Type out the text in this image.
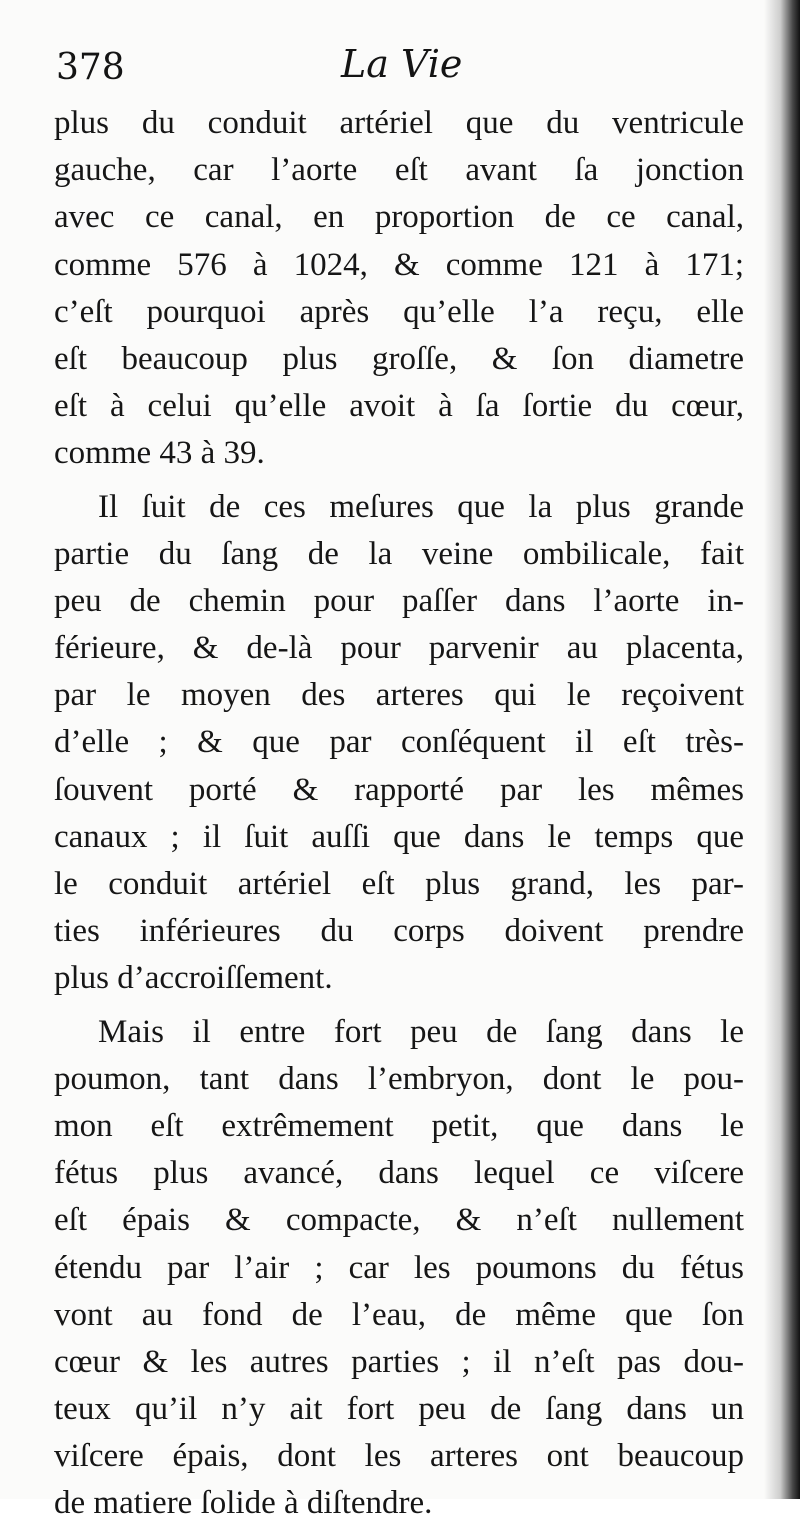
378	La Vie
plus du conduit artériel que du ventricule
gauche, car l’aorte eſt avant ſa jonction
avec ce canal, en proportion de ce canal,
comme 576 à 1024, & comme 121 à 171;
c’eſt pourquoi après qu’elle l’a reçu, elle
eſt beaucoup plus groſſe, & ſon diametre
eſt à celui qu’elle avoit à ſa ſortie du cœur,
comme 43 à 39.
Il ſuit de ces meſures que la plus grande
partie du ſang de la veine ombilicale, fait
peu de chemin pour paſſer dans l’aorte in-
férieure, & de-là pour parvenir au placenta,
par le moyen des arteres qui le reçoivent
d’elle ; & que par conſéquent il eſt très-
ſouvent porté & rapporté par les mêmes
canaux ; il ſuit auſſi que dans le temps que
le conduit artériel eſt plus grand, les par-
ties inférieures du corps doivent prendre
plus d’accroiſſement.
Mais il entre fort peu de ſang dans le
poumon, tant dans l’embryon, dont le pou-
mon eſt extrêmement petit, que dans le
fétus plus avancé, dans lequel ce viſcere
eſt épais & compacte, & n’eſt nullement
étendu par l’air ; car les poumons du fétus
vont au fond de l’eau, de même que ſon
cœur & les autres parties ; il n’eſt pas dou-
teux qu’il n’y ait fort peu de ſang dans un
viſcere épais, dont les arteres ont beaucoup
de matiere ſolide à diſtendre.
